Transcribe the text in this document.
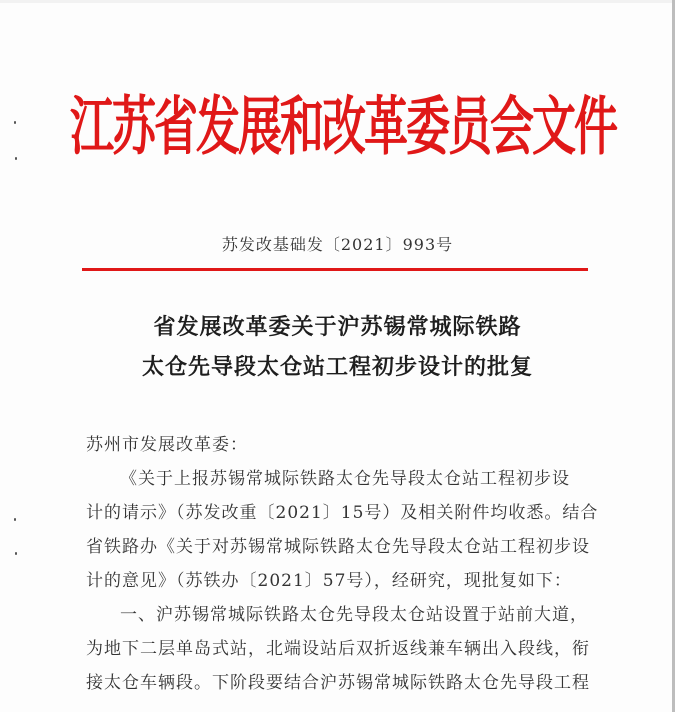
江苏省发展和改革委员会文件
苏发改基础发〔2021〕993号
省发展改革委关于沪苏锡常城际铁路
太仓先导段太仓站工程初步设计的批复
苏州市发展改革委：
《关于上报苏锡常城际铁路太仓先导段太仓站工程初步设
计的请示》（苏发改重〔2021〕15号）及相关附件均收悉。结合
省铁路办《关于对苏锡常城际铁路太仓先导段太仓站工程初步设
计的意见》（苏铁办〔2021〕57号），经研究，现批复如下：
一、沪苏锡常城际铁路太仓先导段太仓站设置于站前大道，
为地下二层单岛式站，北端设站后双折返线兼车辆出入段线，衔
接太仓车辆段。下阶段要结合沪苏锡常城际铁路太仓先导段工程
